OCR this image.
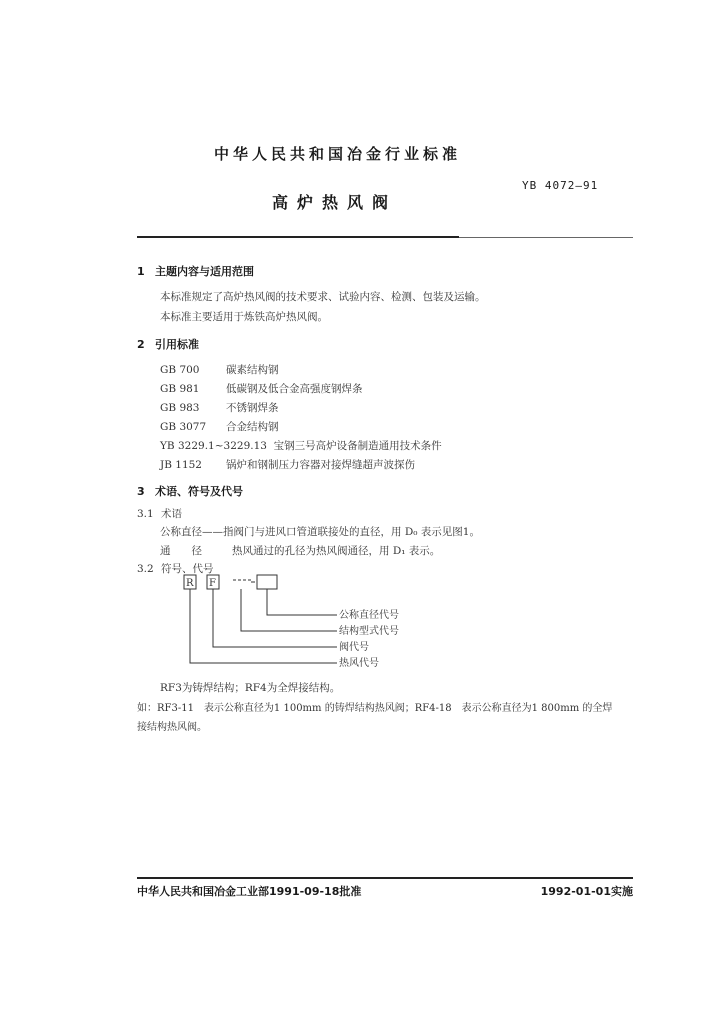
中华人民共和国冶金行业标准
YB 4072—91
高炉热风阀
1 主题内容与适用范围
本标准规定了高炉热风阀的技术要求、试验内容、检测、包装及运输。
本标准主要适用于炼铁高炉热风阀。
2 引用标准
GB 700	碳素结构钢
GB 981	低碳钢及低合金高强度钢焊条
GB 983	不锈钢焊条
GB 3077 合金结构钢
YB 3229.1~3229.13 宝钢三号高炉设备制造通用技术条件
JB 1152 锅炉和钢制压力容器对接焊缝超声波探伤
3 术语、符号及代号
3.1 术语
公称直径——指阀门与进风口管道联接处的直径，用 D₀ 表示见图1。
通　　径	热风通过的孔径为热风阀通径，用 D₁ 表示。
3.2 符号、代号
R F
公称直径代号
结构型式代号
阀代号
热风代号
RF3为铸焊结构；RF4为全焊接结构。
如：RF3-11　表示公称直径为1 100mm 的铸焊结构热风阀；RF4-18　表示公称直径为1 800mm 的全焊
接结构热风阀。
中华人民共和国冶金工业部1991-09-18批准	1992-01-01实施
